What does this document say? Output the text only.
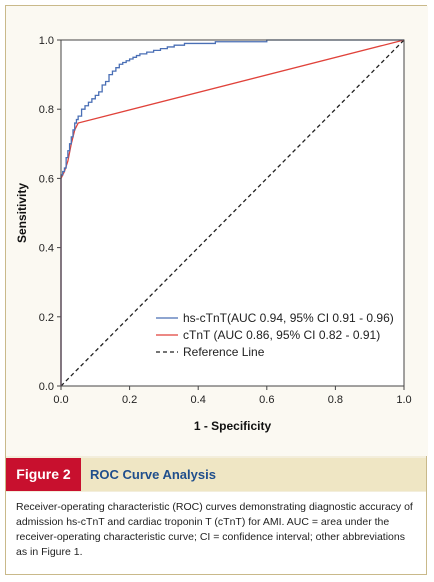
0.0
0.2
0.4
0.6
0.8
1.0
0.0	0.2	0.4	0.6	0.8	1.0
Sensitivity
1 - Specificity
hs-cTnT(AUC 0.94, 95% CI 0.91 - 0.96)
cTnT (AUC 0.86, 95% CI 0.82 - 0.91)
Reference Line
Figure 2	ROC Curve Analysis
Receiver-operating characteristic (ROC) curves demonstrating diagnostic accuracy of admission hs-cTnT and cardiac troponin T (cTnT) for AMI. AUC = area under the receiver-operating characteristic curve; CI = confidence interval; other abbreviations as in Figure 1.
